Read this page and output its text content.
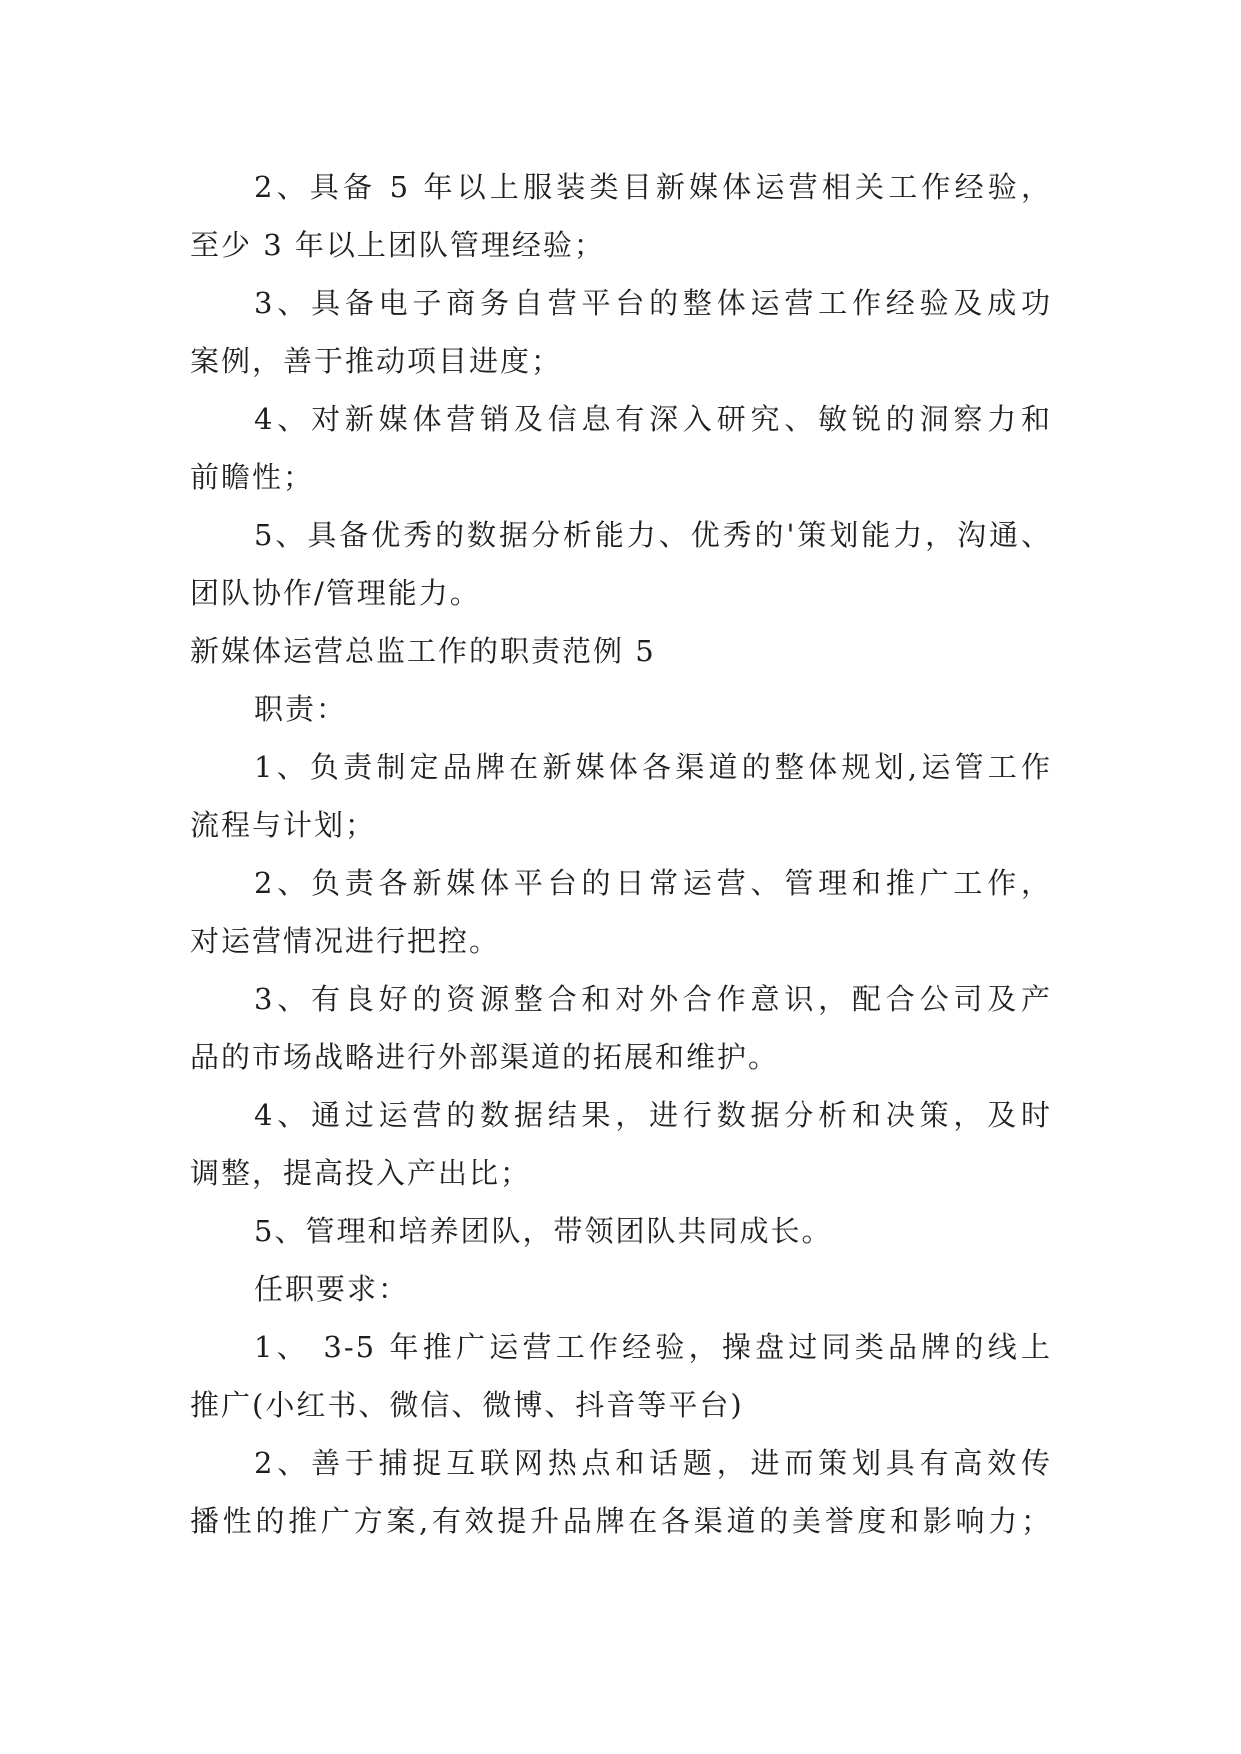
2、具备 5 年以上服装类目新媒体运营相关工作经验，
至少 3 年以上团队管理经验；
3、具备电子商务自营平台的整体运营工作经验及成功
案例，善于推动项目进度；
4、对新媒体营销及信息有深入研究、敏锐的洞察力和
前瞻性；
5、具备优秀的数据分析能力、优秀的'策划能力，沟通、
团队协作/管理能力。
新媒体运营总监工作的职责范例 5
职责：
1、负责制定品牌在新媒体各渠道的整体规划,运管工作
流程与计划；
2、负责各新媒体平台的日常运营、管理和推广工作，
对运营情况进行把控。
3、有良好的资源整合和对外合作意识，配合公司及产
品的市场战略进行外部渠道的拓展和维护。
4、通过运营的数据结果，进行数据分析和决策，及时
调整，提高投入产出比；
5、管理和培养团队，带领团队共同成长。
任职要求：
1、 3-5 年推广运营工作经验，操盘过同类品牌的线上
推广(小红书、微信、微博、抖音等平台)
2、善于捕捉互联网热点和话题，进而策划具有高效传
播性的推广方案,有效提升品牌在各渠道的美誉度和影响力；
